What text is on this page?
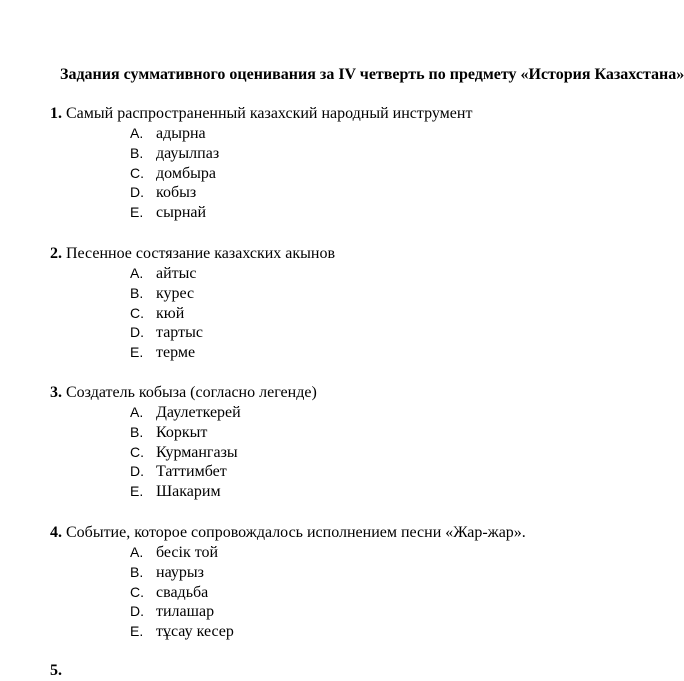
Задания суммативного оценивания за IV четверть по предмету «История Казахстана»
1. Самый распространенный казахский народный инструмент
A. адырна
B. дауылпаз
C. домбыра
D. кобыз
E. сырнай
2. Песенное состязание казахских акынов
A. айтыс
B. курес
C. кюй
D. тартыс
E. терме
3. Создатель кобыза (согласно легенде)
A. Даулеткерей
B. Коркыт
C. Курмангазы
D. Таттимбет
E. Шакарим
4. Событие, которое сопровождалось исполнением песни «Жар-жар».
A. бесік той
B. наурыз
C. свадьба
D. тилашар
E. тұсау кесер
5.
